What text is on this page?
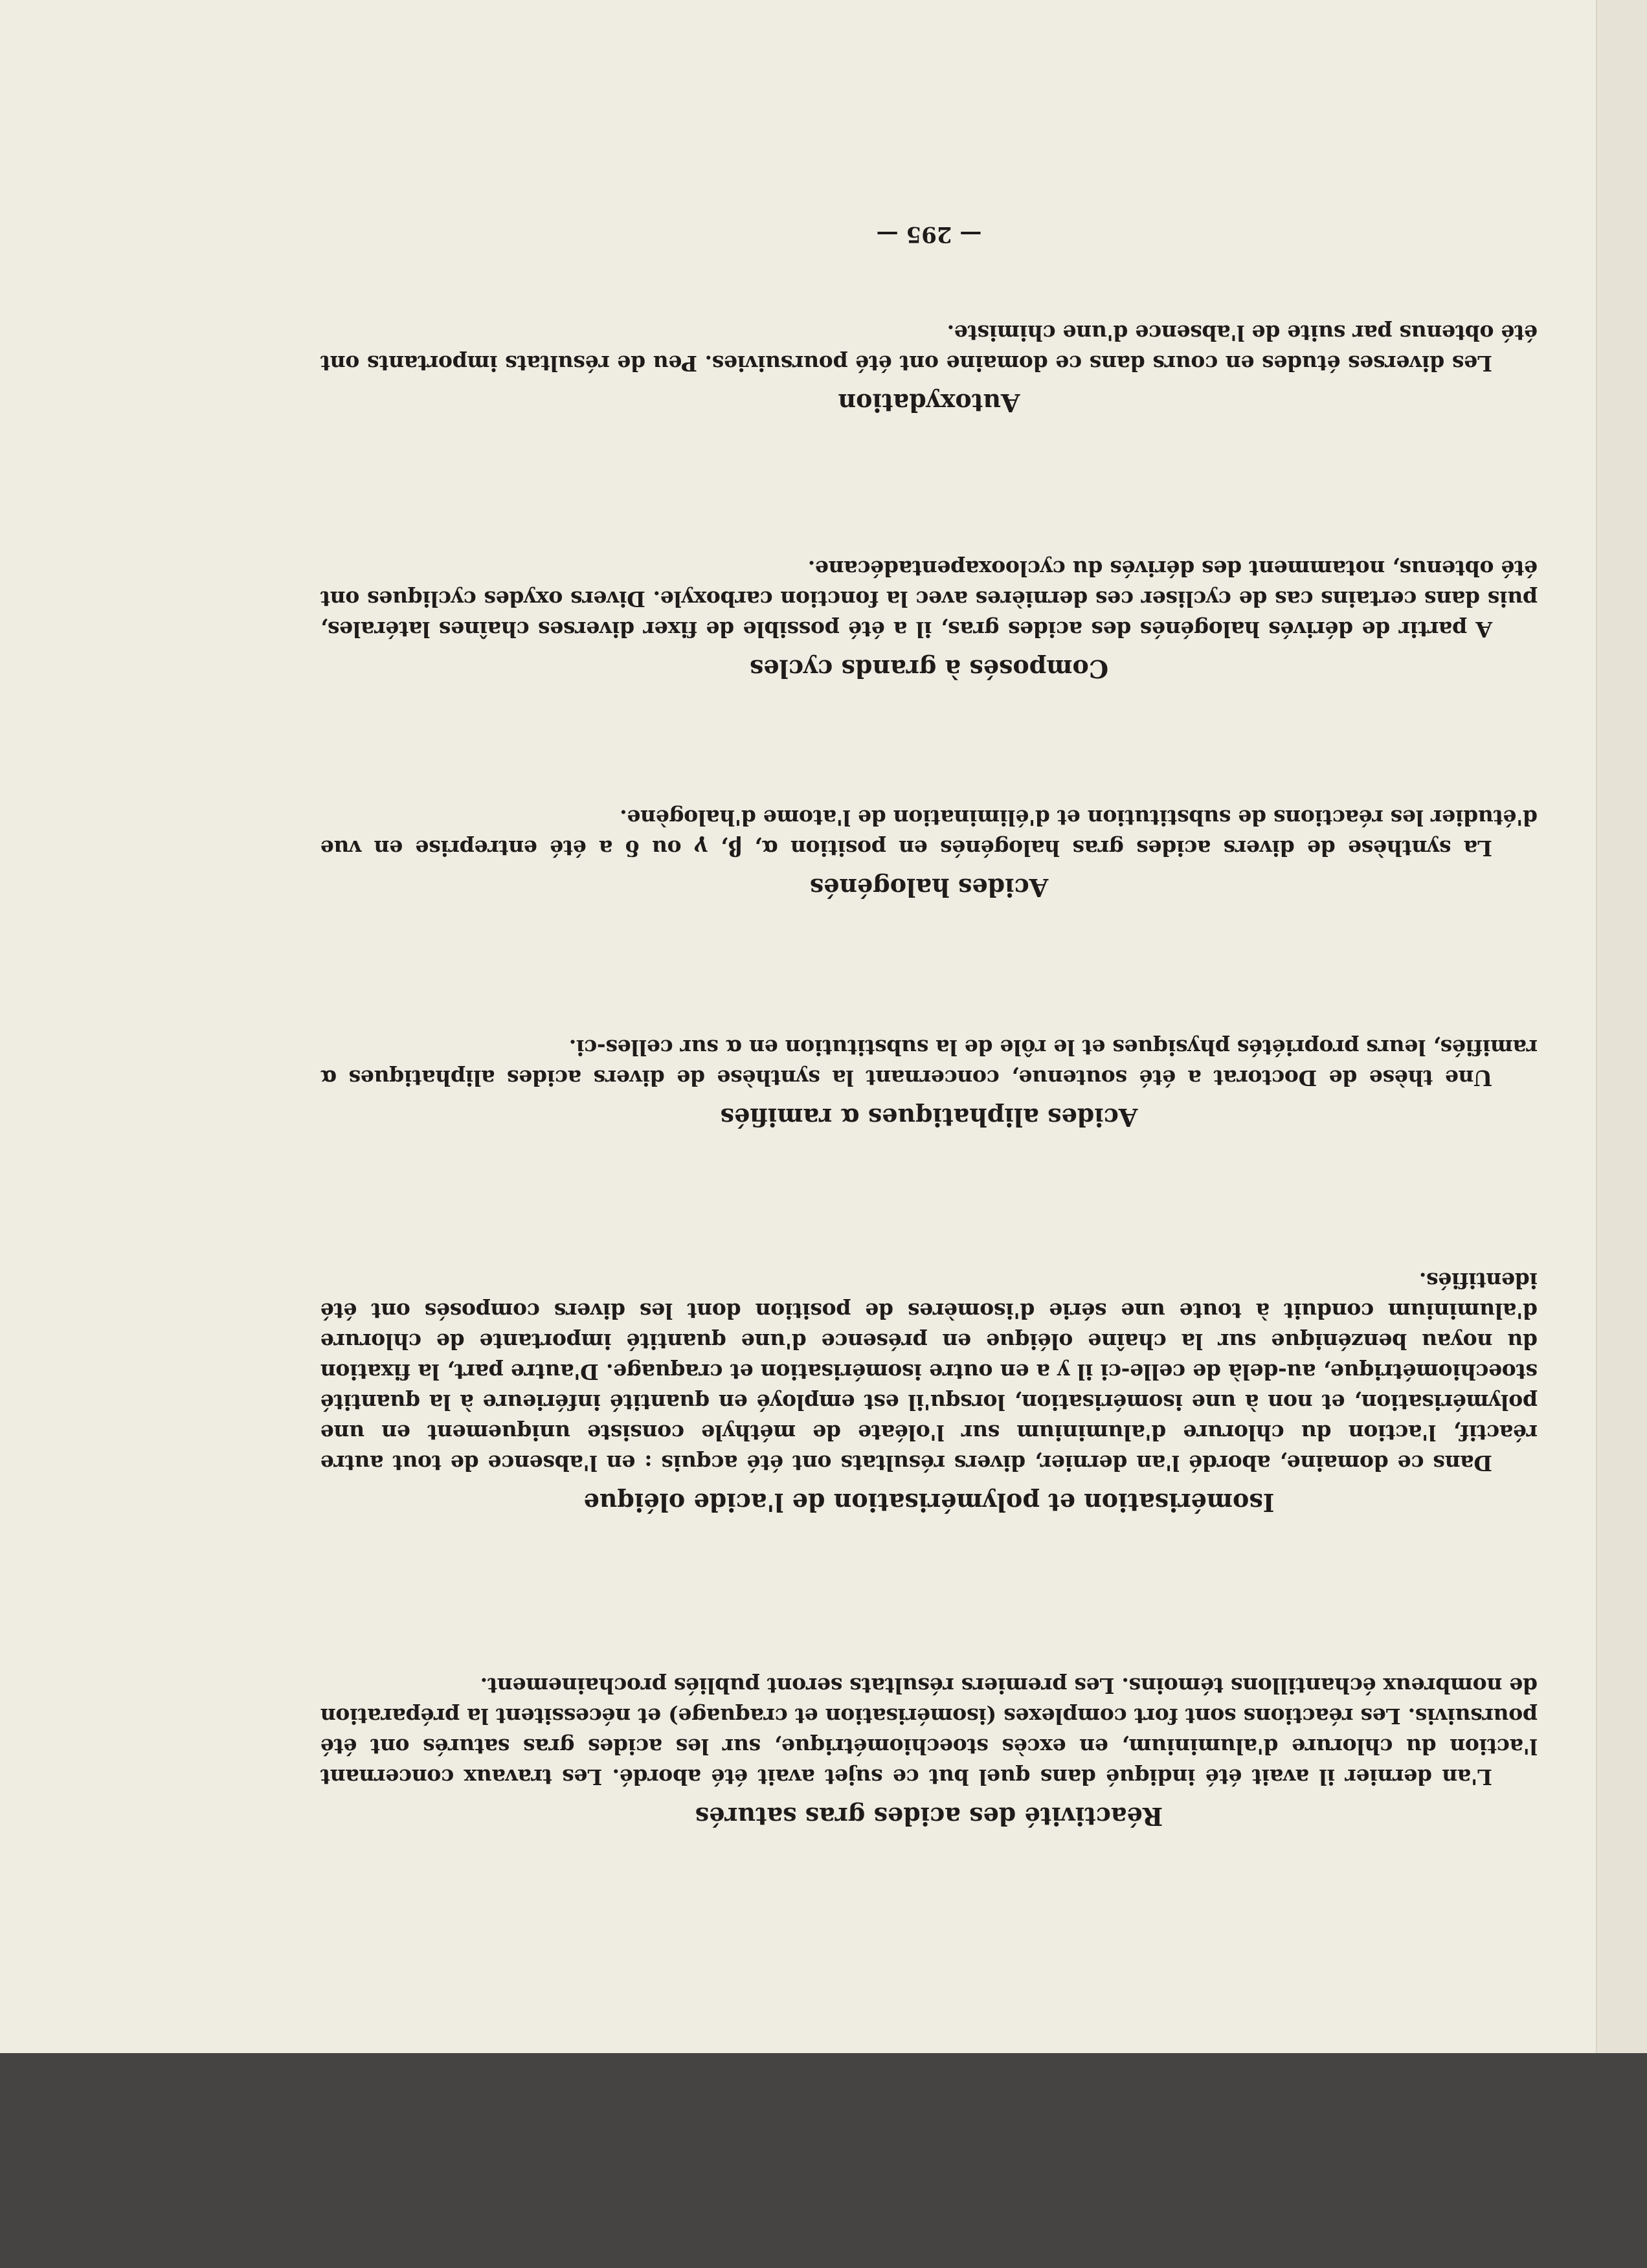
Réactivité des acides gras saturés

L'an dernier il avait été indiqué dans quel but ce sujet avait été abordé. Les travaux concernant l'action du chlorure d'aluminium, en excès stoechiométrique, sur les acides gras saturés ont été poursuivis. Les réactions sont fort complexes (isomérisation et craquage) et nécessitent la préparation de nombreux échantillons témoins. Les premiers résultats seront publiés prochainement.

Isomérisation et polymérisation de l'acide oléique

Dans ce domaine, abordé l'an dernier, divers résultats ont été acquis : en l'absence de tout autre réactif, l'action du chlorure d'aluminium sur l'oléate de méthyle consiste uniquement en une polymérisation, et non à une isomérisation, lorsqu'il est employé en quantité inférieure à la quantité stoechiométrique, au-delà de celle-ci il y a en outre isomérisation et craquage. D'autre part, la fixation du noyau benzénique sur la chaîne oléique en présence d'une quantité importante de chlorure d'aluminium conduit à toute une série d'isomères de position dont les divers composés ont été identifiés.

Acides aliphatiques α ramifiés

Une thèse de Doctorat a été soutenue, concernant la synthèse de divers acides aliphatiques α ramifiés, leurs propriétés physiques et le rôle de la substitution en α sur celles-ci.

Acides halogénés

La synthèse de divers acides gras halogénés en position α, β, γ ou δ a été entreprise en vue d'étudier les réactions de substitution et d'élimination de l'atome d'halogène.

Composés à grands cycles

A partir de dérivés halogénés des acides gras, il a été possible de fixer diverses chaînes latérales, puis dans certains cas de cycliser ces dernières avec la fonction carboxyle. Divers oxydes cycliques ont été obtenus, notamment des dérivés du cyclooxapentadécane.

Autoxydation

Les diverses études en cours dans ce domaine ont été poursuivies. Peu de résultats importants ont été obtenus par suite de l'absence d'une chimiste.

— 295 —
